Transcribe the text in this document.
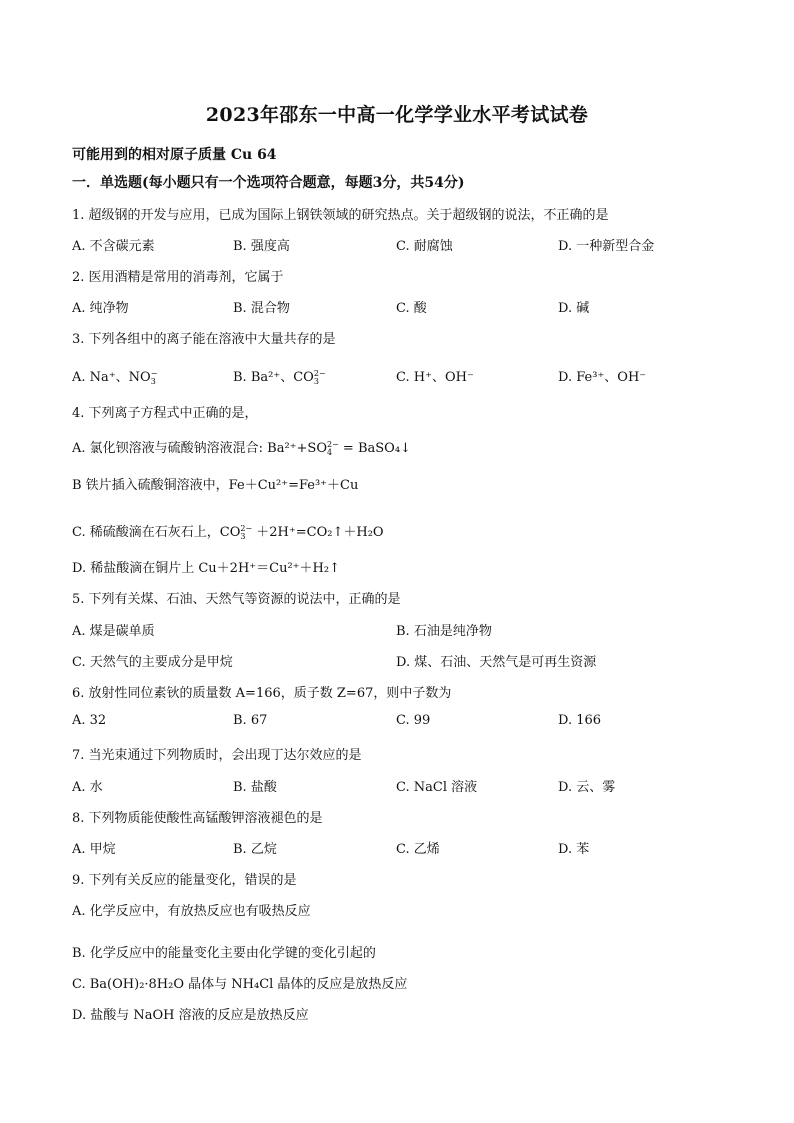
2023年邵东一中高一化学学业水平考试试卷
可能用到的相对原子质量 Cu 64
一．单选题(每小题只有一个选项符合题意，每题3分，共54分)
1. 超级钢的开发与应用，已成为国际上钢铁领域的研究热点。关于超级钢的说法，不正确的是
A. 不含碳元素	B. 强度高	C. 耐腐蚀	D. 一种新型合金
2. 医用酒精是常用的消毒剂，它属于
A. 纯净物	B. 混合物	C. 酸	D. 碱
3. 下列各组中的离子能在溶液中大量共存的是
A. Na⁺、NO −
3	B. Ba²⁺、CO 2−
3	C. H⁺、OH⁻	D. Fe³⁺、OH⁻
4. 下列离子方程式中正确的是，
A. 氯化钡溶液与硫酸钠溶液混合: Ba²⁺+SO 2−
4 = BaSO₄↓
B 铁片插入硫酸铜溶液中，Fe＋Cu²⁺=Fe³⁺＋Cu
C. 稀硫酸滴在石灰石上，CO 2−
3 ＋2H⁺=CO₂↑＋H₂O
D. 稀盐酸滴在铜片上 Cu＋2H⁺＝Cu²⁺＋H₂↑
5. 下列有关煤、石油、天然气等资源的说法中，正确的是
A. 煤是碳单质	B. 石油是纯净物
C. 天然气的主要成分是甲烷	D. 煤、石油、天然气是可再生资源
6. 放射性同位素钬的质量数 A=166，质子数 Z=67，则中子数为
A. 32	B. 67	C. 99	D. 166
7. 当光束通过下列物质时，会出现丁达尔效应的是
A. 水	B. 盐酸	C. NaCl 溶液	D. 云、雾
8. 下列物质能使酸性高锰酸钾溶液褪色的是
A. 甲烷	B. 乙烷	C. 乙烯	D. 苯
9. 下列有关反应的能量变化，错误的是
A. 化学反应中，有放热反应也有吸热反应
B. 化学反应中的能量变化主要由化学键的变化引起的
C. Ba(OH)₂·8H₂O 晶体与 NH₄Cl 晶体的反应是放热反应
D. 盐酸与 NaOH 溶液的反应是放热反应
